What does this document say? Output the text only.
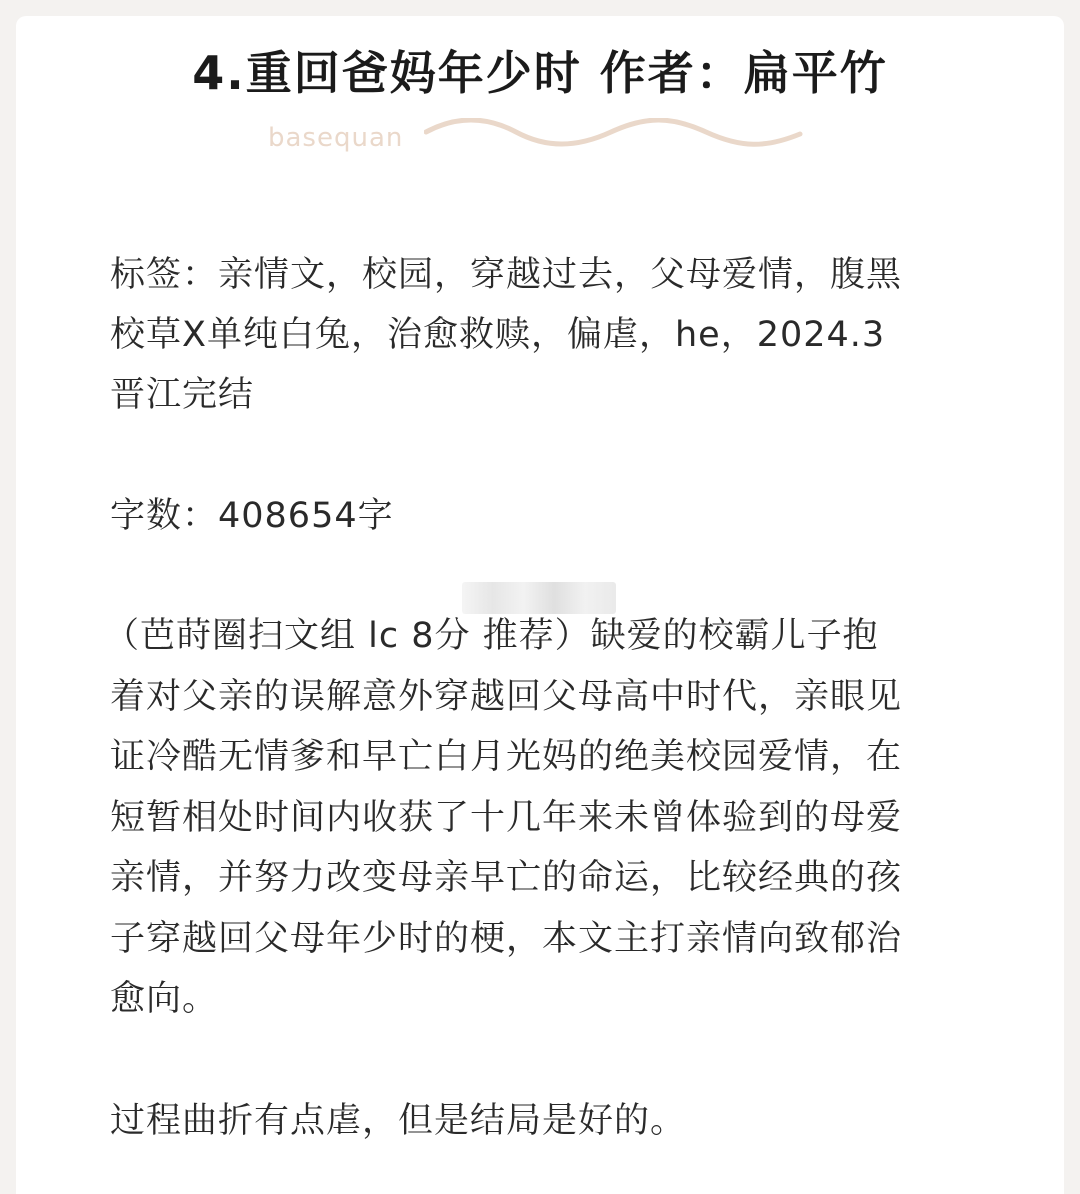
4.重回爸妈年少时 作者：扁平竹
basequan
标签：亲情文，校园，穿越过去，父母爱情，腹黑
校草X单纯白兔，治愈救赎，偏虐，he，2024.3
晋江完结
字数：408654字
（芭莳圈扫文组 lc 8分 推荐）缺爱的校霸儿子抱
着对父亲的误解意外穿越回父母高中时代，亲眼见
证冷酷无情爹和早亡白月光妈的绝美校园爱情，在
短暂相处时间内收获了十几年来未曾体验到的母爱
亲情，并努力改变母亲早亡的命运，比较经典的孩
子穿越回父母年少时的梗，本文主打亲情向致郁治
愈向。
过程曲折有点虐，但是结局是好的。
